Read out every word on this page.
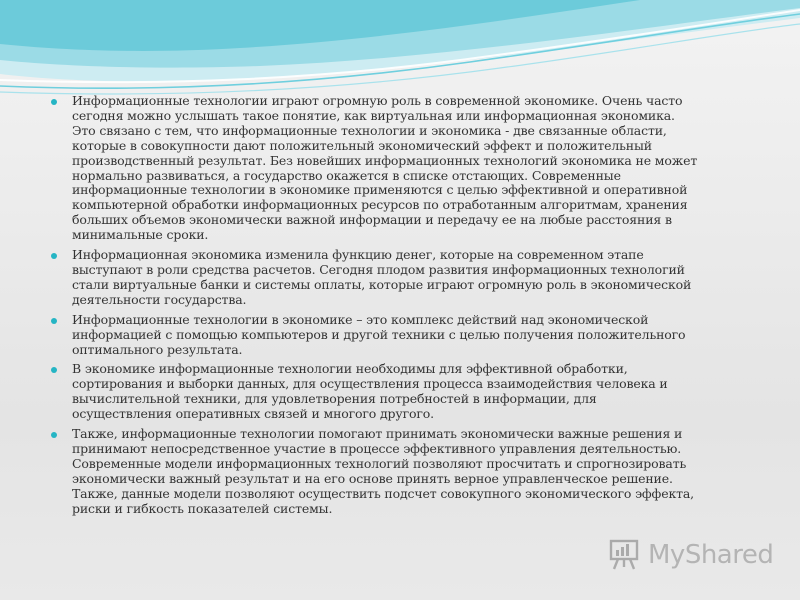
Информационные технологии играют огромную роль в современной экономике. Очень часто
сегодня можно услышать такое понятие, как виртуальная или информационная экономика.
Это связано с тем, что информационные технологии и экономика - две связанные области,
которые в совокупности дают положительный экономический эффект и положительный
производственный результат. Без новейших информационных технологий экономика не может
нормально развиваться, а государство окажется в списке отстающих. Современные
информационные технологии в экономике применяются с целью эффективной и оперативной
компьютерной обработки информационных ресурсов по отработанным алгоритмам, хранения
больших объемов экономически важной информации и передачу ее на любые расстояния в
минимальные сроки.
Информационная экономика изменила функцию денег, которые на современном этапе
выступают в роли средства расчетов. Сегодня плодом развития информационных технологий
стали виртуальные банки и системы оплаты, которые играют огромную роль в экономической
деятельности государства.
Информационные технологии в экономике – это комплекс действий над экономической
информацией с помощью компьютеров и другой техники с целью получения положительного
оптимального результата.
В экономике информационные технологии необходимы для эффективной обработки,
сортирования и выборки данных, для осуществления процесса взаимодействия человека и
вычислительной техники, для удовлетворения потребностей в информации, для
осуществления оперативных связей и многого другого.
Также, информационные технологии помогают принимать экономически важные решения и
принимают непосредственное участие в процессе эффективного управления деятельностью.
Современные модели информационных технологий позволяют просчитать и спрогнозировать
экономически важный результат и на его основе принять верное управленческое решение.
Также, данные модели позволяют осуществить подсчет совокупного экономического эффекта,
риски и гибкость показателей системы.
MyShared
